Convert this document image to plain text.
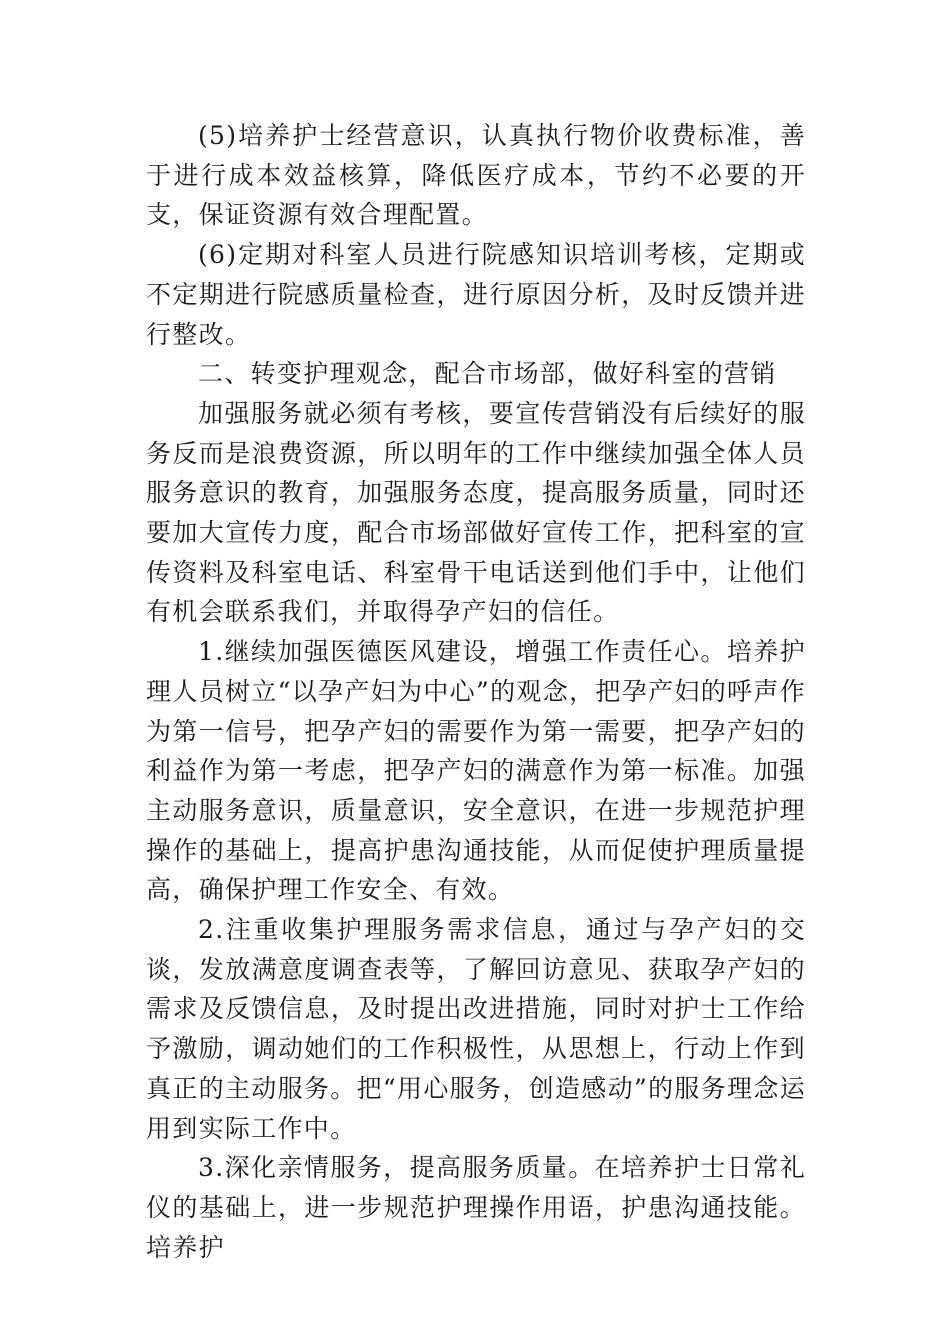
(5)培养护士经营意识，认真执行物价收费标准，善于进行成本效益核算，降低医疗成本，节约不必要的开支，保证资源有效合理配置。

(6)定期对科室人员进行院感知识培训考核，定期或不定期进行院感质量检查，进行原因分析，及时反馈并进行整改。

二、转变护理观念，配合市场部，做好科室的营销

加强服务就必须有考核，要宣传营销没有后续好的服务反而是浪费资源，所以明年的工作中继续加强全体人员服务意识的教育，加强服务态度，提高服务质量，同时还要加大宣传力度，配合市场部做好宣传工作，把科室的宣传资料及科室电话、科室骨干电话送到他们手中，让他们有机会联系我们，并取得孕产妇的信任。

1.继续加强医德医风建设，增强工作责任心。培养护理人员树立“以孕产妇为中心”的观念，把孕产妇的呼声作为第一信号，把孕产妇的需要作为第一需要，把孕产妇的利益作为第一考虑，把孕产妇的满意作为第一标准。加强主动服务意识，质量意识，安全意识，在进一步规范护理操作的基础上，提高护患沟通技能，从而促使护理质量提高，确保护理工作安全、有效。

2.注重收集护理服务需求信息，通过与孕产妇的交谈，发放满意度调查表等，了解回访意见、获取孕产妇的需求及反馈信息，及时提出改进措施，同时对护士工作给予激励，调动她们的工作积极性，从思想上，行动上作到真正的主动服务。把“用心服务，创造感动”的服务理念运用到实际工作中。

3.深化亲情服务，提高服务质量。在培养护士日常礼仪的基础上，进一步规范护理操作用语，护患沟通技能。培养护
